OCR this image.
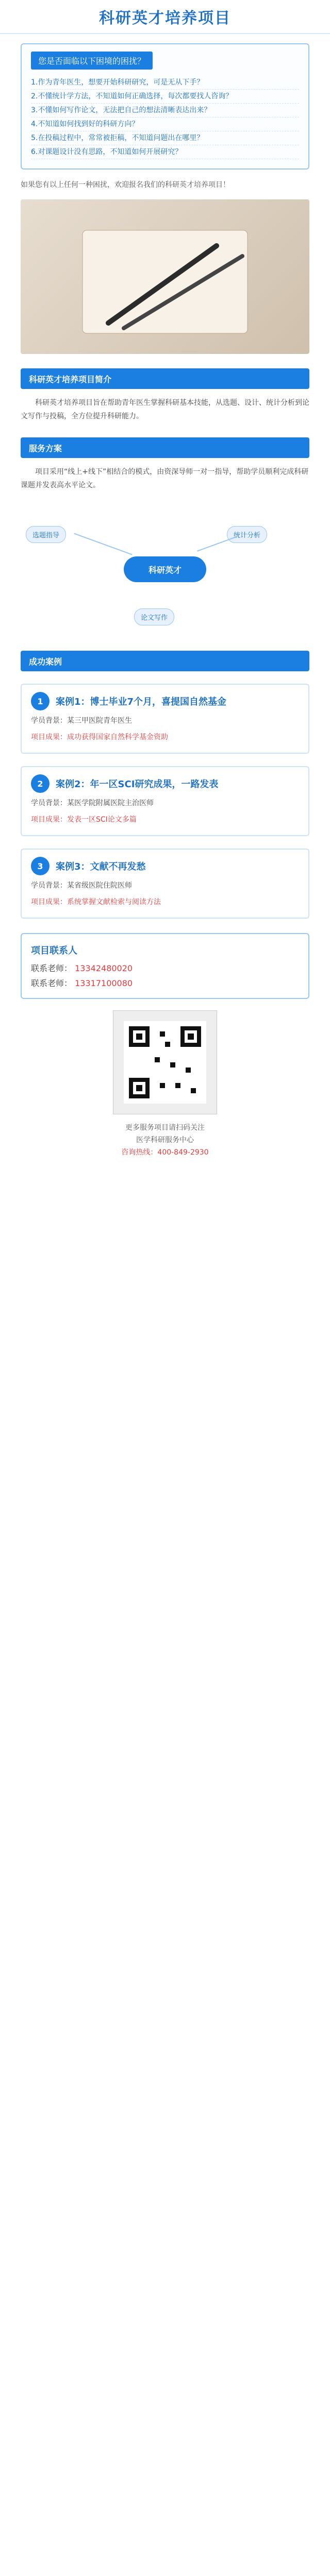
科研英才培养项目
您是否面临以下困境的困扰？
1.作为青年医生，想要开始科研研究，可是无从下手？
2.不懂统计学方法，不知道如何正确选择，每次都要找人咨询？
3.不懂如何写作论文，无法把自己的想法清晰表达出来？
4.不知道如何找到好的科研方向？
5.在投稿过程中，常常被拒稿，不知道问题出在哪里？
6.对课题设计没有思路，不知道如何开展研究？
如果您有以上任何一种困扰，欢迎报名我们的科研英才培养项目！
科研英才培养项目简介
科研英才培养项目旨在帮助青年医生掌握科研基本技能，从选题、设计、统计分析到论文写作与投稿，全方位提升科研能力。
服务方案
项目采用“线上+线下”相结合的模式，由资深导师一对一指导，帮助学员顺利完成科研课题并发表高水平论文。
科研英才
选题指导	统计分析
论文写作
成功案例
1	案例1：博士毕业7个月，喜提国自然基金
学员背景：某三甲医院青年医生
项目成果：成功获得国家自然科学基金资助
2	案例2：年一区SCI研究成果，一路发表
学员背景：某医学院附属医院主治医师
项目成果：发表一区SCI论文多篇
3	案例3：文献不再发愁
学员背景：某省级医院住院医师
项目成果：系统掌握文献检索与阅读方法
项目联系人
联系老师： 13342480020
联系老师： 13317100080
更多服务项目请扫码关注
医学科研服务中心
咨询热线：400-849-2930
